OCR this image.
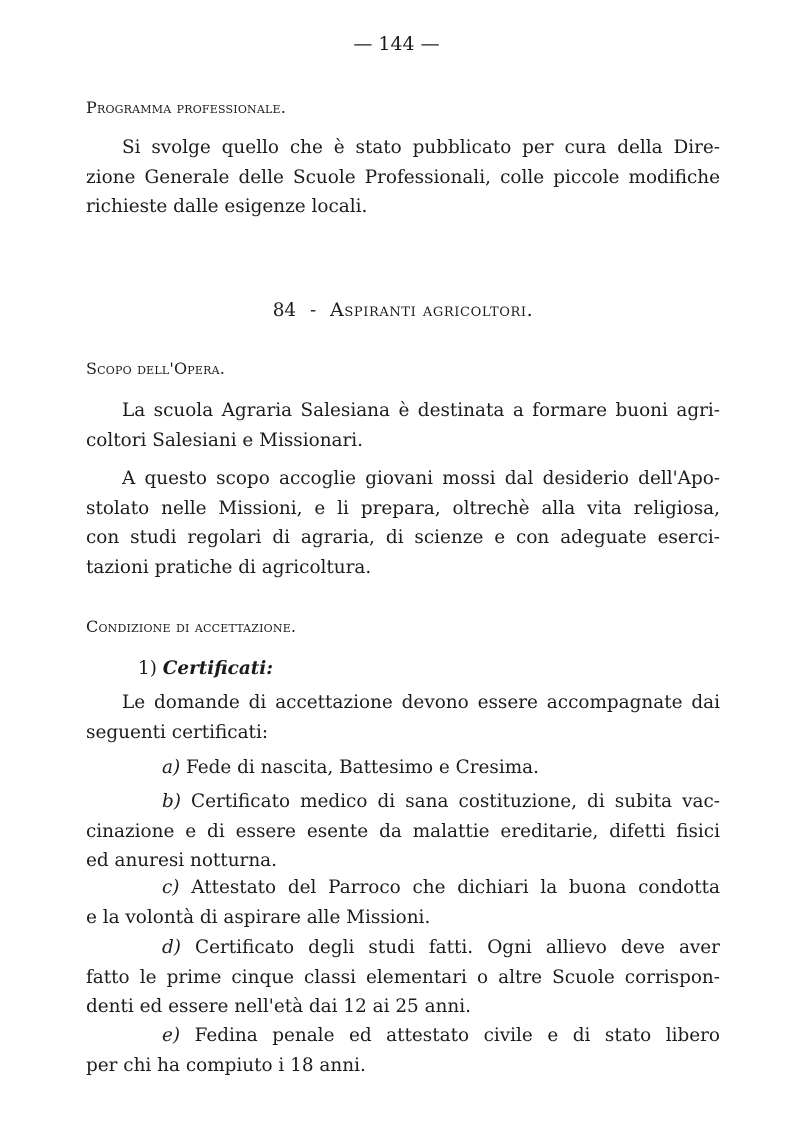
— 144 —
Programma professionale.
Si svolge quello che è stato pubblicato per cura della Dire-
zione Generale delle Scuole Professionali, colle piccole modifiche
richieste dalle esigenze locali.
84 - Aspiranti agricoltori.
Scopo dell'Opera.
La scuola Agraria Salesiana è destinata a formare buoni agri-
coltori Salesiani e Missionari.
A questo scopo accoglie giovani mossi dal desiderio dell'Apo-
stolato nelle Missioni, e li prepara, oltrechè alla vita religiosa,
con studi regolari di agraria, di scienze e con adeguate eserci-
tazioni pratiche di agricoltura.
Condizione di accettazione.
1) Certificati:
Le domande di accettazione devono essere accompagnate dai
seguenti certificati:
a) Fede di nascita, Battesimo e Cresima.
b) Certificato medico di sana costituzione, di subita vac-
cinazione e di essere esente da malattie ereditarie, difetti fisici
ed anuresi notturna.
c) Attestato del Parroco che dichiari la buona condotta
e la volontà di aspirare alle Missioni.
d) Certificato degli studi fatti. Ogni allievo deve aver
fatto le prime cinque classi elementari o altre Scuole corrispon-
denti ed essere nell'età dai 12 ai 25 anni.
e) Fedina penale ed attestato civile e di stato libero
per chi ha compiuto i 18 anni.
